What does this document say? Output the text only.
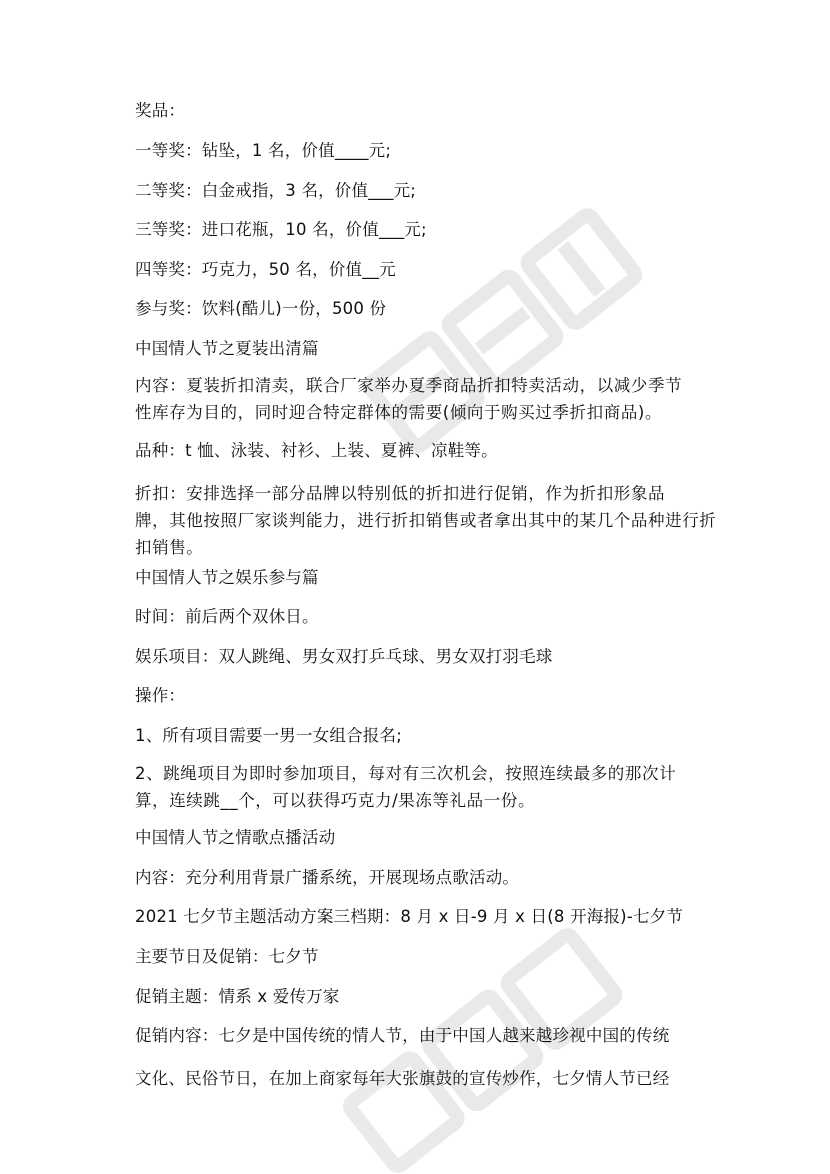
奖品：

一等奖：钻坠，1 名，价值____元;

二等奖：白金戒指，3 名，价值___元;

三等奖：进口花瓶，10 名，价值___元;

四等奖：巧克力，50 名，价值__元

参与奖：饮料(酷儿)一份，500 份

中国情人节之夏装出清篇

内容：夏装折扣清卖，联合厂家举办夏季商品折扣特卖活动，以减少季节
性库存为目的，同时迎合特定群体的需要(倾向于购买过季折扣商品)。

品种：t 恤、泳装、衬衫、上装、夏裤、凉鞋等。

折扣：安排选择一部分品牌以特别低的折扣进行促销，作为折扣形象品
牌，其他按照厂家谈判能力，进行折扣销售或者拿出其中的某几个品种进行折
扣销售。

中国情人节之娱乐参与篇

时间：前后两个双休日。

娱乐项目：双人跳绳、男女双打乒乓球、男女双打羽毛球

操作：

1、所有项目需要一男一女组合报名;

2、跳绳项目为即时参加项目，每对有三次机会，按照连续最多的那次计
算，连续跳__个，可以获得巧克力/果冻等礼品一份。

中国情人节之情歌点播活动

内容：充分利用背景广播系统，开展现场点歌活动。

2021 七夕节主题活动方案三档期：8 月 x 日-9 月 x 日(8 开海报)-七夕节

主要节日及促销：七夕节

促销主题：情系 x 爱传万家

促销内容：七夕是中国传统的情人节，由于中国人越来越珍视中国的传统

文化、民俗节日，在加上商家每年大张旗鼓的宣传炒作，七夕情人节已经
